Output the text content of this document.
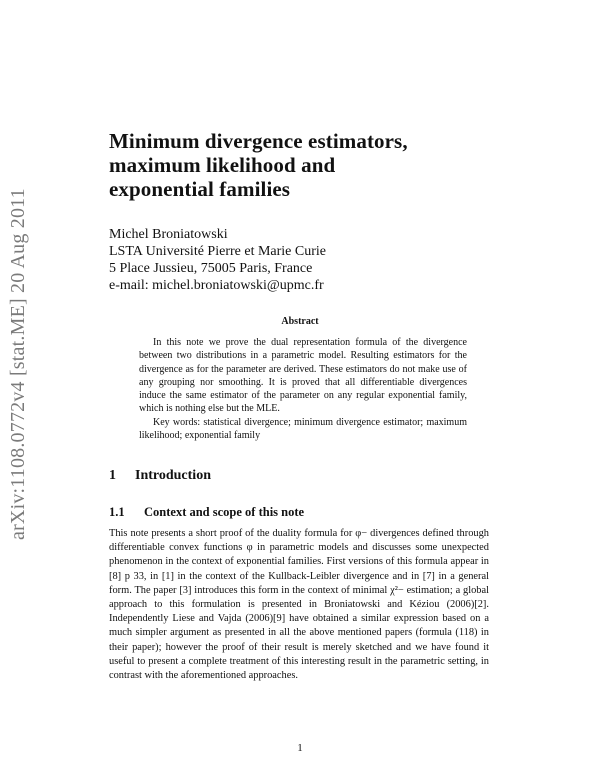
arXiv:1108.0772v4 [stat.ME] 20 Aug 2011
Minimum divergence estimators,
maximum likelihood and
exponential families
Michel Broniatowski
LSTA Université Pierre et Marie Curie
5 Place Jussieu, 75005 Paris, France
e-mail: michel.broniatowski@upmc.fr
Abstract

In this note we prove the dual representation formula of the divergence between two distributions in a parametric model. Resulting estimators for the divergence as for the parameter are derived. These estimators do not make use of any grouping nor smoothing. It is proved that all differentiable divergences induce the same estimator of the parameter on any regular exponential family, which is nothing else but the MLE.

Key words: statistical divergence; minimum divergence estimator; maximum likelihood; exponential family

1 Introduction
1.1 Context and scope of this note

This note presents a short proof of the duality formula for φ− divergences defined through differentiable convex functions φ in parametric models and discusses some unexpected phenomenon in the context of exponential families. First versions of this formula appear in [8] p 33, in [1] in the context of the Kullback-Leibler divergence and in [7] in a general form. The paper [3] introduces this form in the context of minimal χ²− estimation; a global approach to this formulation is presented in Broniatowski and Kéziou (2006)[2]. Independently Liese and Vajda (2006)[9] have obtained a similar expression based on a much simpler argument as presented in all the above mentioned papers (formula (118) in their paper); however the proof of their result is merely sketched and we have found it useful to present a complete treatment of this interesting result in the parametric setting, in contrast with the aforementioned approaches.

1
